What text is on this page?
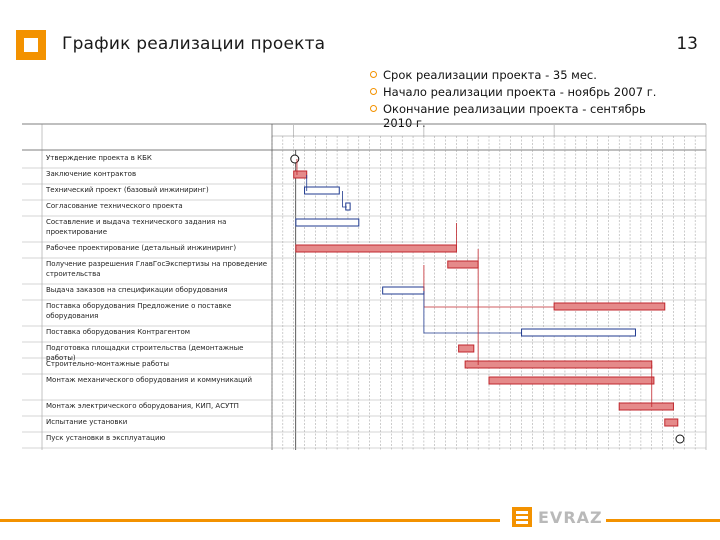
График реализации проекта	13
Срок реализации проекта - 35 мес.
Начало реализации проекта - ноябрь 2007 г.
Окончание реализации проекта - сентябрь 2010 г.
Утверждение проекта в КБК
Заключение контрактов
Технический проект (базовый инжиниринг)
Согласование технического проекта
Составление и выдача технического задания на проектирование
Рабочее проектирование (детальный инжиниринг)
Получение разрешения ГлавГосЭкспертизы на проведение строительства
Выдача заказов на спецификации оборудования
Поставка оборудования Предложение о поставке оборудования
Поставка оборудования Контрагентом
Подготовка площадки строительства (демонтажные работы)
Строительно-монтажные работы
Монтаж механического оборудования и коммуникаций
Монтаж электрического оборудования, КИП, АСУТП
Испытание установки
Пуск установки в эксплуатацию
EVRAZ
